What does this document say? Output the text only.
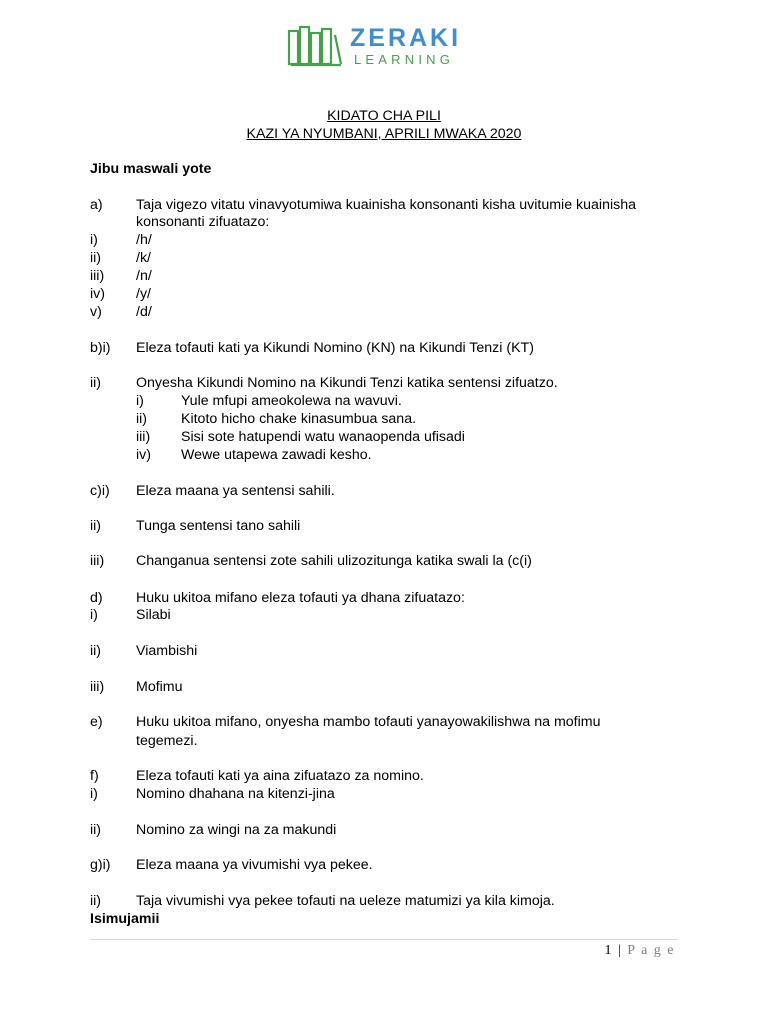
ZERAKI
LEARNING
KIDATO CHA PILI
KAZI YA NYUMBANI, APRILI MWAKA 2020
Jibu maswali yote
a) Taja vigezo vitatu vinavyotumiwa kuainisha konsonanti kisha uvitumie kuainisha
konsonanti zifuatazo:
i)	/h/
ii) /k/
iii) /n/
iv) /y/
v) /d/
b)i) Eleza tofauti kati ya Kikundi Nomino (KN) na Kikundi Tenzi (KT)
ii) Onyesha Kikundi Nomino na Kikundi Tenzi katika sentensi zifuatzo.
i)	Yule mfupi ameokolewa na wavuvi.
ii) Kitoto hicho chake kinasumbua sana.
iii) Sisi sote hatupendi watu wanaopenda ufisadi
iv) Wewe utapewa zawadi kesho.
c)i) Eleza maana ya sentensi sahili.
ii) Tunga sentensi tano sahili
iii) Changanua sentensi zote sahili ulizozitunga katika swali la (c(i)
d) Huku ukitoa mifano eleza tofauti ya dhana zifuatazo:
i)	Silabi
ii) Viambishi
iii) Mofimu
e) Huku ukitoa mifano, onyesha mambo tofauti yanayowakilishwa na mofimu
tegemezi.
f)	Eleza tofauti kati ya aina zifuatazo za nomino.
i)	Nomino dhahana na kitenzi-jina
ii) Nomino za wingi na za makundi
g)i) Eleza maana ya vivumishi vya pekee.
ii) Taja vivumishi vya pekee tofauti na ueleze matumizi ya kila kimoja.
Isimujamii
1 | P a g e
